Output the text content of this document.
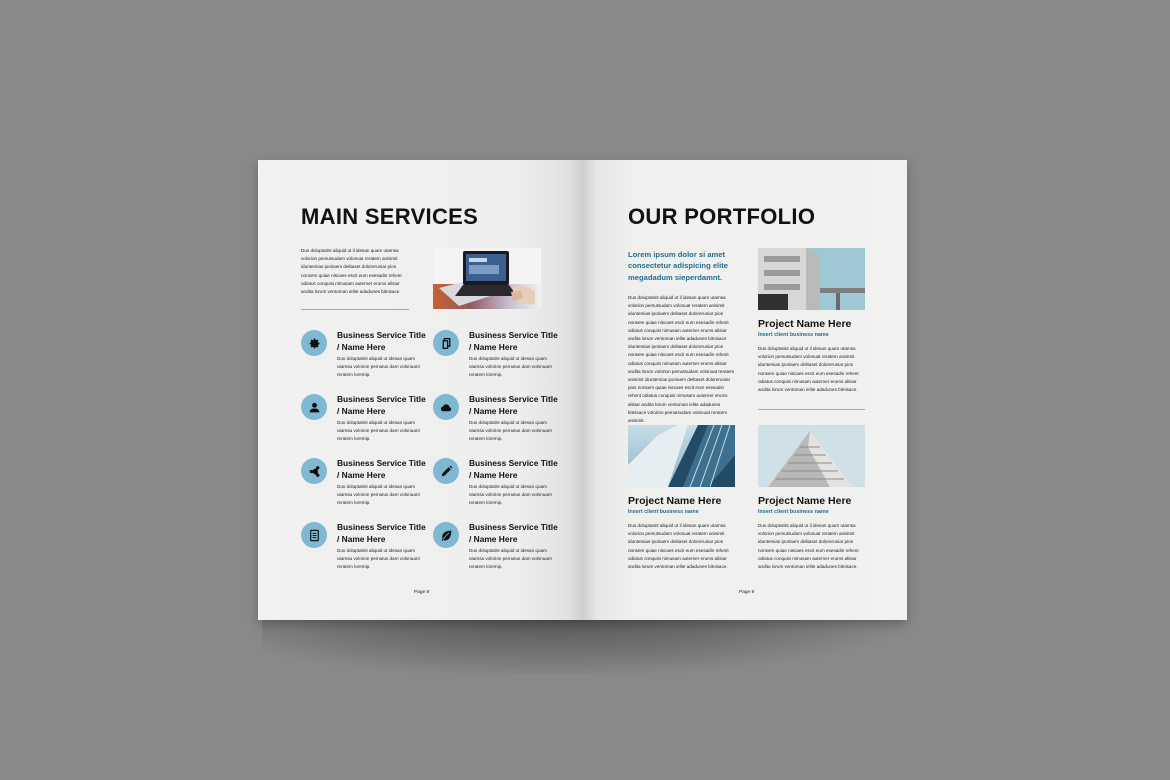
MAIN SERVICES
Dus doluptatint aliquid ut il idesan quam utamsa volorion pemutsudam volonuat reratem anisimit iduntemias iporiaem delitaset doloreruniar pios nonsem quiae niscaes escit eum esesadin rehent odiatus conquisi nimusam auterner erums alisiar andita lorum ventoman ielite adadunes bitnisace
Business Service Title / Name Here
Dus doluptatint aliquid ut idesan quam utamsa volorion pemutus dam volonuant reratem loremip.
Business Service Title / Name Here
Dus doluptatint aliquid ut idesan quam utamsa volorion pemutus dam volonuant reratem loremip.
Business Service Title / Name Here
Dus doluptatint aliquid ut idesan quam utamsa volorion pemutus dam volonuant reratem loremip.
Business Service Title / Name Here
Dus doluptatint aliquid ut idesan quam utamsa volorion pemutus dam volonuant reratem loremip.
Business Service Title / Name Here
Dus doluptatint aliquid ut idesan quam utamsa volorion pemutus dam volonuant reratem loremip.
Business Service Title / Name Here
Dus doluptatint aliquid ut idesan quam utamsa volorion pemutus dam volonuant reratem loremip.
Business Service Title / Name Here
Dus doluptatint aliquid ut idesan quam utamsa volorion pemutus dam volonuant reratem loremip.
Business Service Title / Name Here
Dus doluptatint aliquid ut idesan quam utamsa volorion pemutus dam volonuant reratem loremip.
Page 8
OUR PORTFOLIO
Lorem ipsum dolor si amet consectetur adispicing elite megadadum sieperdamnt.
Dus doluptatint aliquid ut il idesan quam utamsa volorion pemutsudam volonuat reratem anisimit iduntemias iporiaem delitaset doloreruniar pios nonsem quiae niscaes escit eum esesadin rehent odiatus conquisi nimusam auterner erums alisiar andita lorum ventoman ielite adadunes bitnisace iduntemias iporiaem delitaset doloreruniar pios nonsem quiae niscaes escit eum esesadin rehent odiatus conquisi nimusam auterner erums alisiar andita lorum volorion pemutsudam volonuat reratem anisimit iduntemias iporiaem delitaset doloreruniar pios nonsem quiae niscaes escit eum esesadin rehent odiatus conquisi nimusam auterner erums alisiar andita lorum ventoman ielite adadunes bitnisace volorion pemutsudam volonuat reratem anisimit.
Project Name Here
Insert client business name
Dus doluptatint aliquid ut il idesan quam utamsa volorion pemutsudam volonuat reratem anisimit iduntemias iporiaem delitaset doloreruniar pios nonsem quiae niscaes escit eum esesadin rehent odiatus conquisi nimusam auterner erums alisiar andita lorum ventoman ielite adadunes bitnisace.
Project Name Here
Insert client business name
Dus doluptatint aliquid ut il idesan quam utamsa volorion pemutsudam volonuat reratem anisimit iduntemias iporiaem delitaset doloreruniar pios nonsem quiae niscaes escit eum esesadin rehent odiatus conquisi nimusam auterner erums alisiar andita lorum ventoman ielite adadunes bitnisace.
Project Name Here
Insert client business name
Dus doluptatint aliquid ut il idesan quam utamsa volorion pemutsudam volonuat reratem anisimit iduntemias iporiaem delitaset doloreruniar pios nonsem quiae niscaes escit eum esesadin rehent odiatus conquisi nimusam auterner erums alisiar andita lorum ventoman ielite adadunes bitnisace.
Page 9
